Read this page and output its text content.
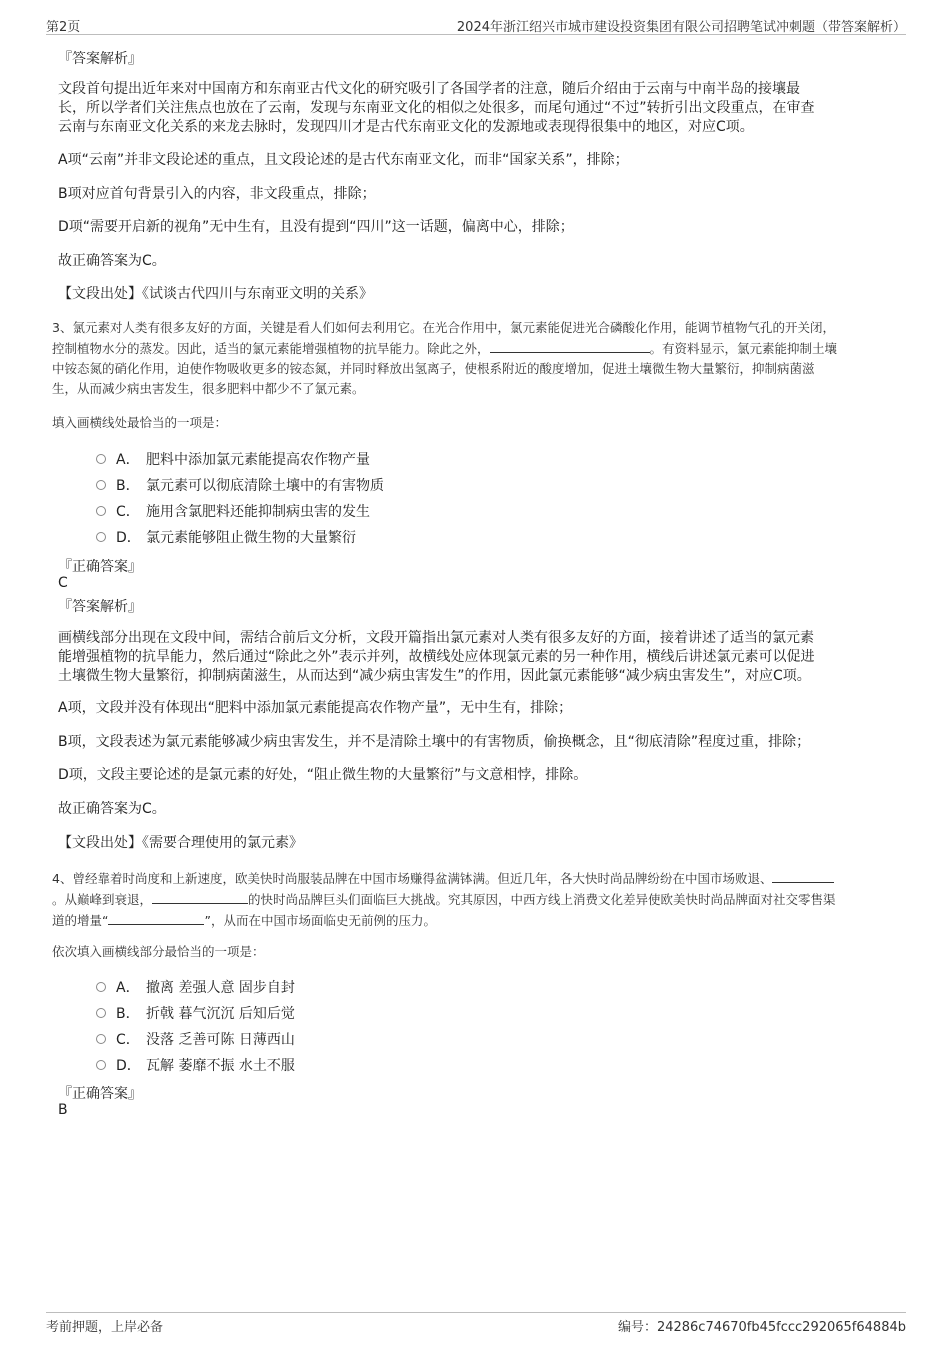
第2页	2024年浙江绍兴市城市建设投资集团有限公司招聘笔试冲刺题（带答案解析）
『答案解析』
文段首句提出近年来对中国南方和东南亚古代文化的研究吸引了各国学者的注意，随后介绍由于云南与中南半岛的接壤最
长，所以学者们关注焦点也放在了云南，发现与东南亚文化的相似之处很多，而尾句通过“不过”转折引出文段重点，在审查
云南与东南亚文化关系的来龙去脉时，发现四川才是古代东南亚文化的发源地或表现得很集中的地区，对应C项。
A项“云南”并非文段论述的重点，且文段论述的是古代东南亚文化，而非“国家关系”，排除；
B项对应首句背景引入的内容，非文段重点，排除；
D项“需要开启新的视角”无中生有，且没有提到“四川”这一话题，偏离中心，排除；
故正确答案为C。
【文段出处】《试谈古代四川与东南亚文明的关系》
3、氯元素对人类有很多友好的方面，关键是看人们如何去利用它。在光合作用中，氯元素能促进光合磷酸化作用，能调节植物气孔的开关闭，
控制植物水分的蒸发。因此，适当的氯元素能增强植物的抗旱能力。除此之外，	。有资料显示，氯元素能抑制土壤
中铵态氮的硝化作用，迫使作物吸收更多的铵态氮，并同时释放出氢离子，使根系附近的酸度增加，促进土壤微生物大量繁衍，抑制病菌滋
生，从而减少病虫害发生，很多肥料中都少不了氯元素。
填入画横线处最恰当的一项是：
A． 肥料中添加氯元素能提高农作物产量
B． 氯元素可以彻底清除土壤中的有害物质
C． 施用含氯肥料还能抑制病虫害的发生
D． 氯元素能够阻止微生物的大量繁衍
『正确答案』
C
『答案解析』
画横线部分出现在文段中间，需结合前后文分析，文段开篇指出氯元素对人类有很多友好的方面，接着讲述了适当的氯元素
能增强植物的抗旱能力，然后通过“除此之外”表示并列，故横线处应体现氯元素的另一种作用，横线后讲述氯元素可以促进
土壤微生物大量繁衍，抑制病菌滋生，从而达到“减少病虫害发生”的作用，因此氯元素能够“减少病虫害发生”，对应C项。
A项，文段并没有体现出“肥料中添加氯元素能提高农作物产量”，无中生有，排除；
B项，文段表述为氯元素能够减少病虫害发生，并不是清除土壤中的有害物质，偷换概念，且“彻底清除”程度过重，排除；
D项，文段主要论述的是氯元素的好处，“阻止微生物的大量繁衍”与文意相悖，排除。
故正确答案为C。
【文段出处】《需要合理使用的氯元素》
4、曾经靠着时尚度和上新速度，欧美快时尚服装品牌在中国市场赚得盆满钵满。但近几年，各大快时尚品牌纷纷在中国市场败退、
。从巅峰到衰退，	的快时尚品牌巨头们面临巨大挑战。究其原因，中西方线上消费文化差异使欧美快时尚品牌面对社交零售渠
道的增量“	”，从而在中国市场面临史无前例的压力。
依次填入画横线部分最恰当的一项是：
A． 撤离 差强人意 固步自封
B． 折戟 暮气沉沉 后知后觉
C． 没落 乏善可陈 日薄西山
D． 瓦解 萎靡不振 水土不服
『正确答案』
B
考前押题，上岸必备	编号：24286c74670fb45fccc292065f64884b
